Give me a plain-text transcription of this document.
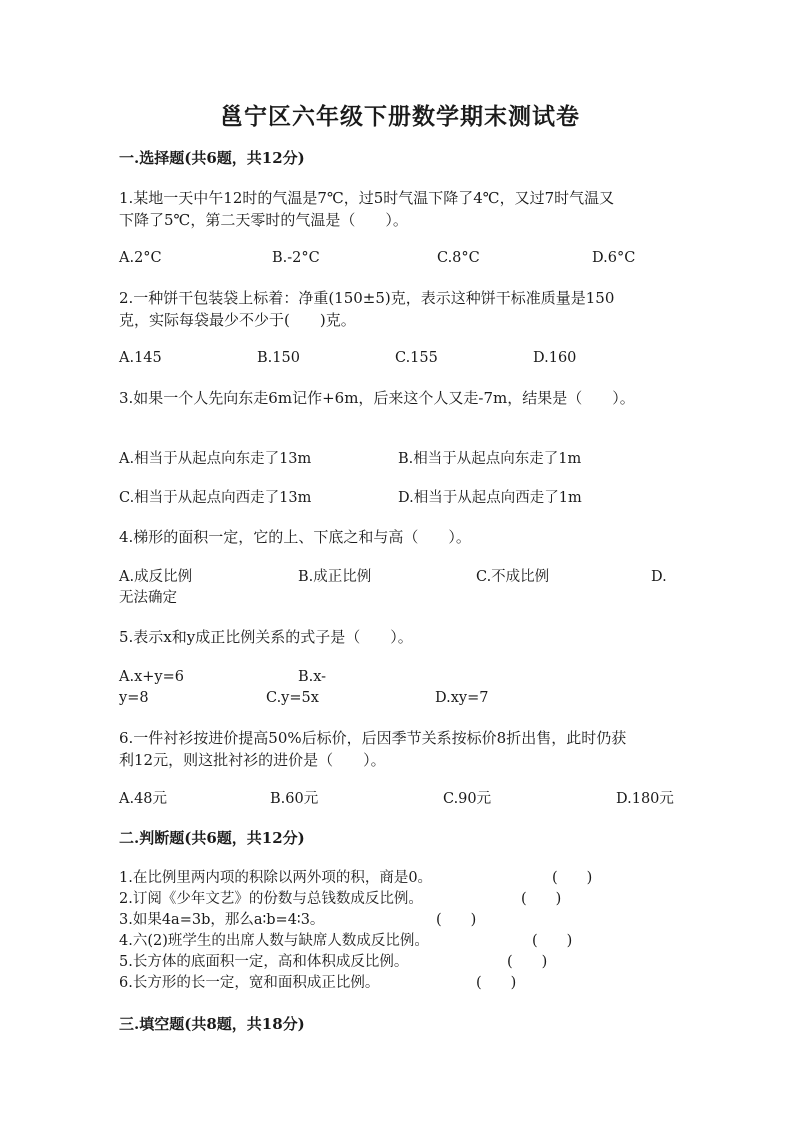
邕宁区六年级下册数学期末测试卷
一.选择题(共6题，共12分)
1.某地一天中午12时的气温是7℃，过5时气温下降了4℃，又过7时气温又
下降了5℃，第二天零时的气温是（　　）。
A.2°C	B.-2°C	C.8°C	D.6°C
2.一种饼干包装袋上标着：净重(150±5)克，表示这种饼干标准质量是150
克，实际每袋最少不少于(　　)克。
A.145	B.150	C.155	D.160
3.如果一个人先向东走6m记作+6m，后来这个人又走-7m，结果是（　　）。
A.相当于从起点向东走了13m	B.相当于从起点向东走了1m
C.相当于从起点向西走了13m	D.相当于从起点向西走了1m
4.梯形的面积一定，它的上、下底之和与高（　　）。
A.成反比例	B.成正比例	C.不成比例	D.
无法确定
5.表示x和y成正比例关系的式子是（　　）。
A.x+y=6	B.x-
y=8	C.y=5x	D.xy=7
6.一件衬衫按进价提高50%后标价，后因季节关系按标价8折出售，此时仍获
利12元，则这批衬衫的进价是（　　）。
A.48元	B.60元	C.90元	D.180元
二.判断题(共6题，共12分)
1.在比例里两内项的积除以两外项的积，商是0。	(　　)
2.订阅《少年文艺》的份数与总钱数成反比例。	(　　)
3.如果4a=3b，那么a∶b=4∶3。	(　　)
4.六(2)班学生的出席人数与缺席人数成反比例。	(　　)
5.长方体的底面积一定，高和体积成反比例。	(　　)
6.长方形的长一定，宽和面积成正比例。	(　　)
三.填空题(共8题，共18分)
